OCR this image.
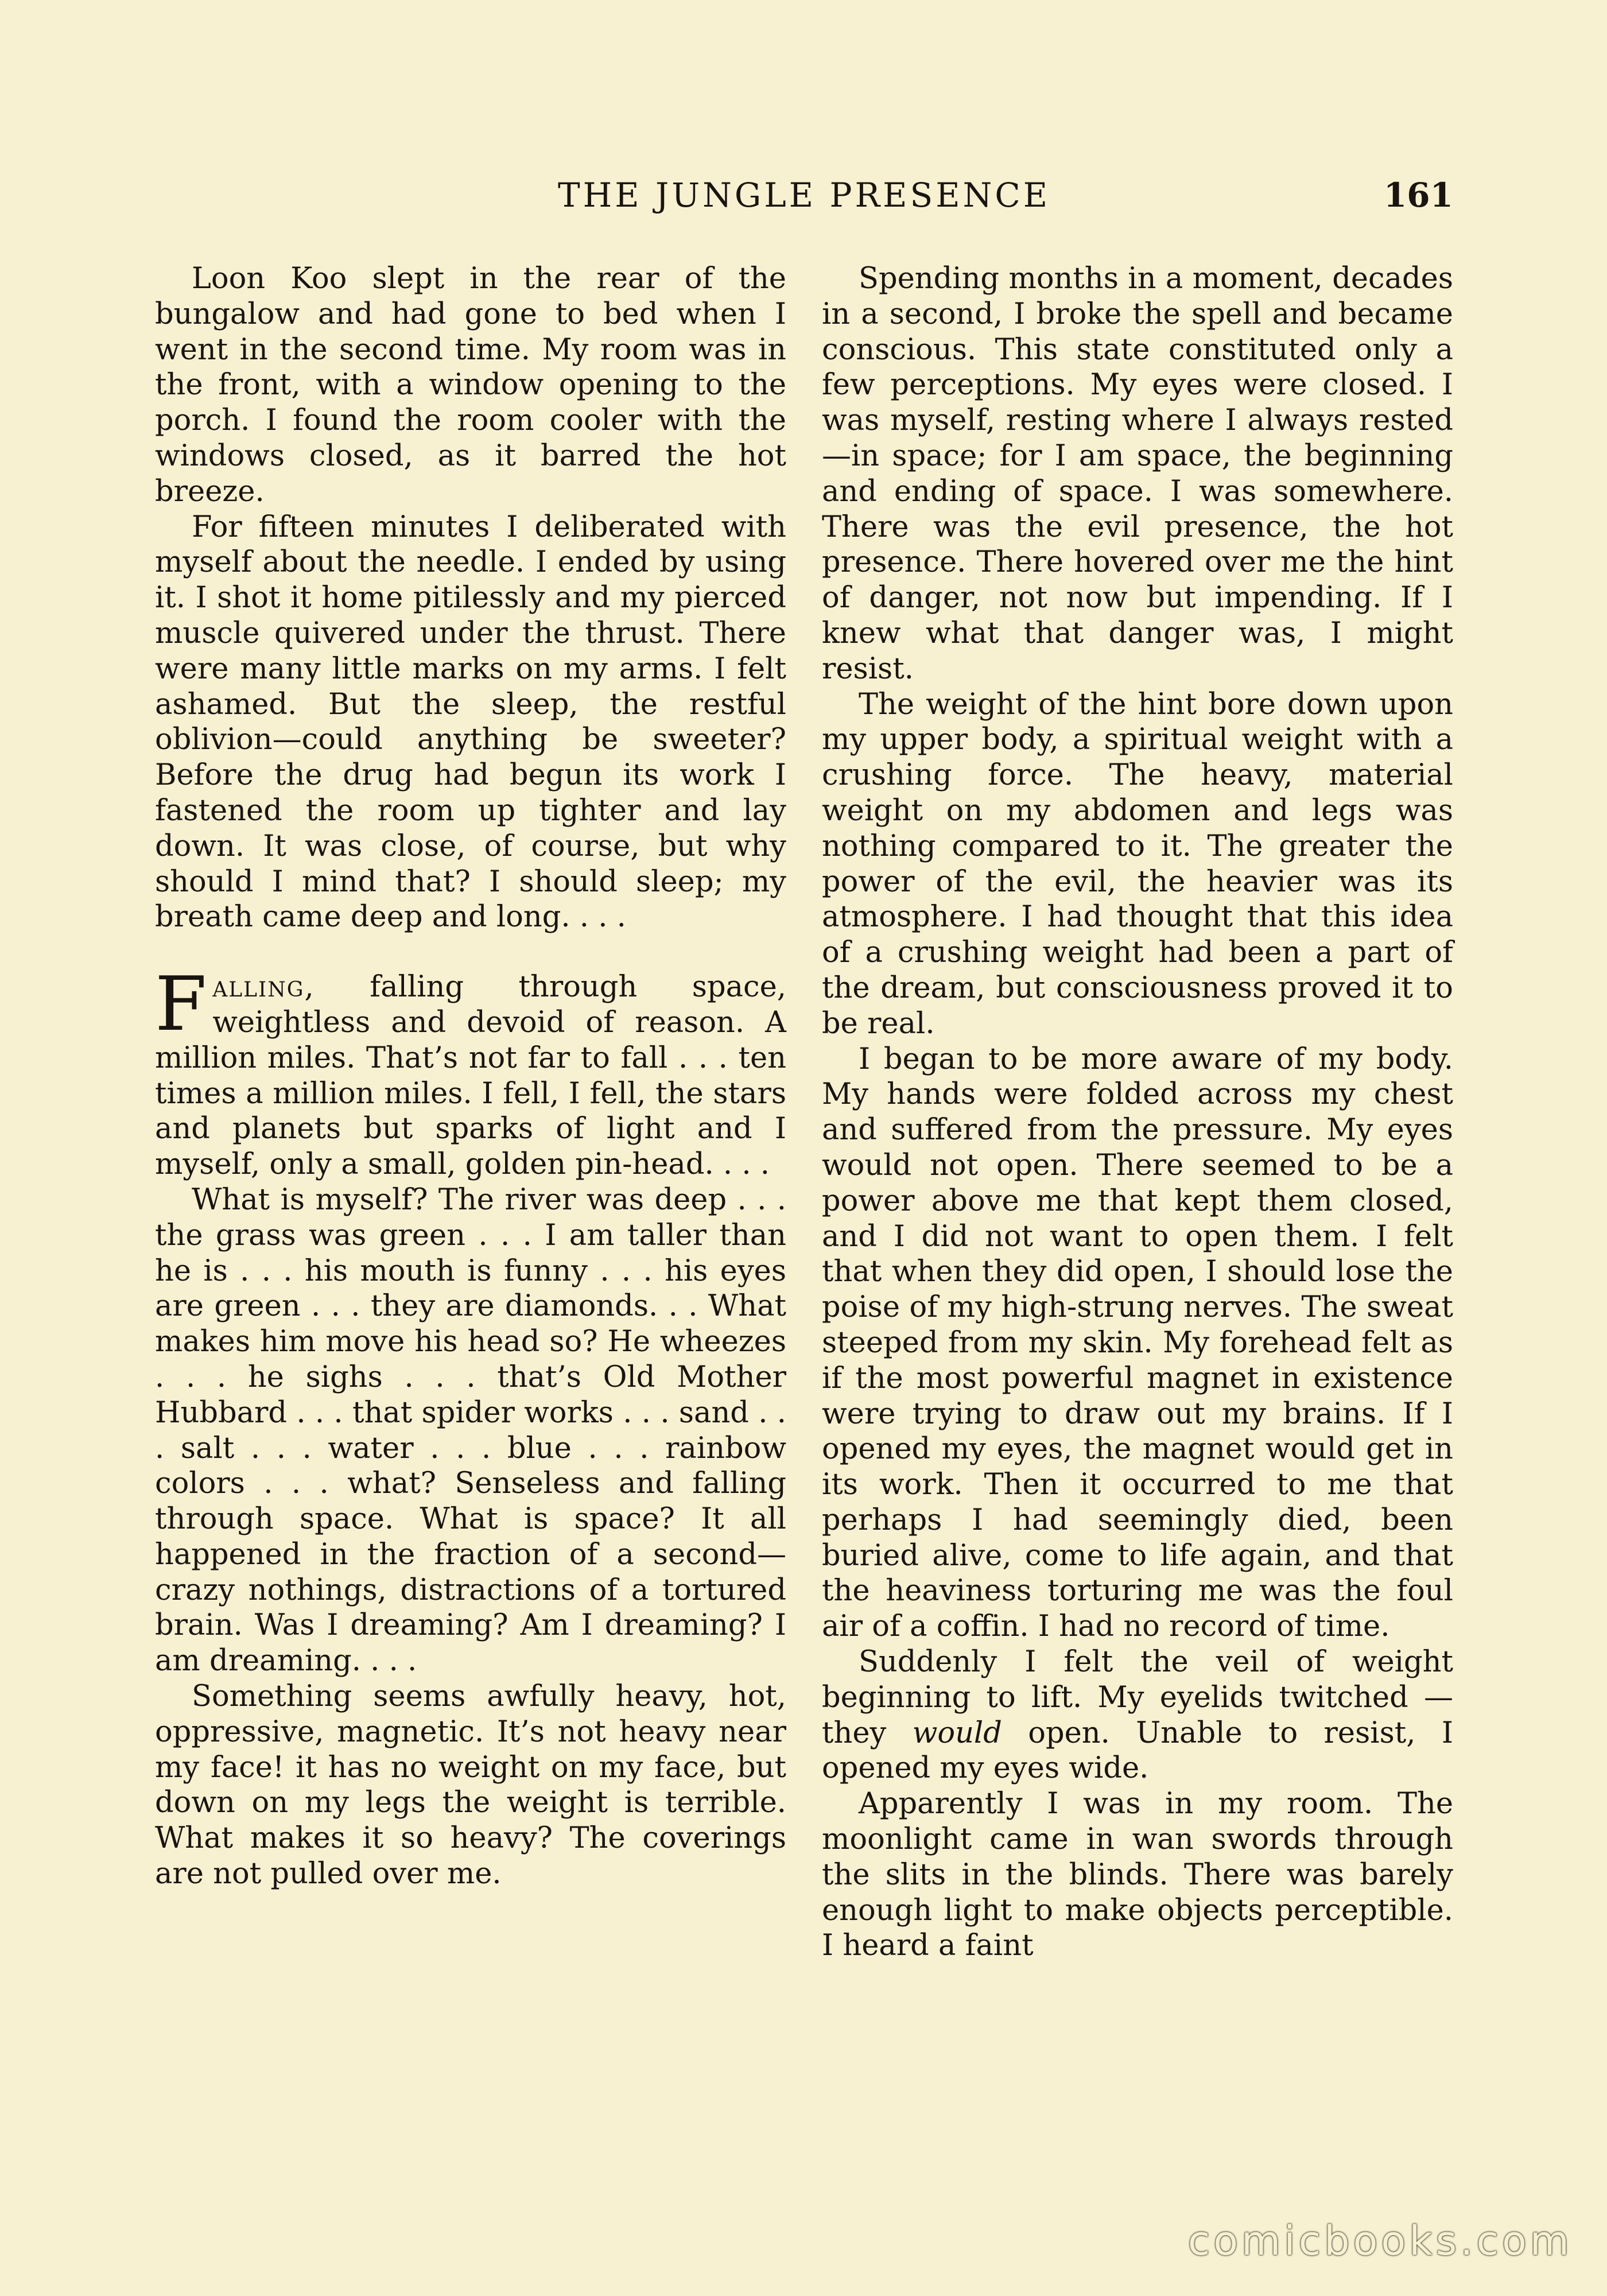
THE JUNGLE PRESENCE	161

Loon Koo slept in the rear of the bungalow and had gone to bed when I went in the second time. My room was in the front, with a window opening to the porch. I found the room cooler with the windows closed, as it barred the hot breeze.

For fifteen minutes I deliberated with myself about the needle. I ended by using it. I shot it home pitilessly and my pierced muscle quivered under the thrust. There were many little marks on my arms. I felt ashamed. But the sleep, the restful oblivion—could anything be sweeter? Before the drug had begun its work I fastened the room up tighter and lay down. It was close, of course, but why should I mind that? I should sleep; my breath came deep and long. . . .

Falling, falling through space, weightless and devoid of reason. A million miles. That’s not far to fall . . . ten times a million miles. I fell, I fell, the stars and planets but sparks of light and I myself, only a small, golden pin-head. . . .

What is myself? The river was deep . . . the grass was green . . . I am taller than he is . . . his mouth is funny . . . his eyes are green . . . they are diamonds. . . What makes him move his head so? He wheezes . . . he sighs . . . that’s Old Mother Hubbard . . . that spider works . . . sand . . . salt . . . water . . . blue . . . rainbow colors . . . what? Senseless and falling through space. What is space? It all happened in the fraction of a second—crazy nothings, distractions of a tortured brain. Was I dreaming? Am I dreaming? I am dreaming. . . .

Something seems awfully heavy, hot, oppressive, magnetic. It’s not heavy near my face! it has no weight on my face, but down on my legs the weight is terrible. What makes it so heavy? The coverings are not pulled over me.

Spending months in a moment, decades in a second, I broke the spell and became conscious. This state constituted only a few perceptions. My eyes were closed. I was myself, resting where I always rested—in space; for I am space, the beginning and ending of space. I was somewhere. There was the evil presence, the hot presence. There hovered over me the hint of danger, not now but impending. If I knew what that danger was, I might resist.

The weight of the hint bore down upon my upper body, a spiritual weight with a crushing force. The heavy, material weight on my abdomen and legs was nothing compared to it. The greater the power of the evil, the heavier was its atmosphere. I had thought that this idea of a crushing weight had been a part of the dream, but consciousness proved it to be real.

I began to be more aware of my body. My hands were folded across my chest and suffered from the pressure. My eyes would not open. There seemed to be a power above me that kept them closed, and I did not want to open them. I felt that when they did open, I should lose the poise of my high-strung nerves. The sweat steeped from my skin. My forehead felt as if the most powerful magnet in existence were trying to draw out my brains. If I opened my eyes, the magnet would get in its work. Then it occurred to me that perhaps I had seemingly died, been buried alive, come to life again, and that the heaviness torturing me was the foul air of a coffin. I had no record of time.

Suddenly I felt the veil of weight beginning to lift. My eyelids twitched —they would open. Unable to resist, I opened my eyes wide.

Apparently I was in my room. The moonlight came in wan swords through the slits in the blinds. There was barely enough light to make objects perceptible. I heard a faint

comicbooks.com
